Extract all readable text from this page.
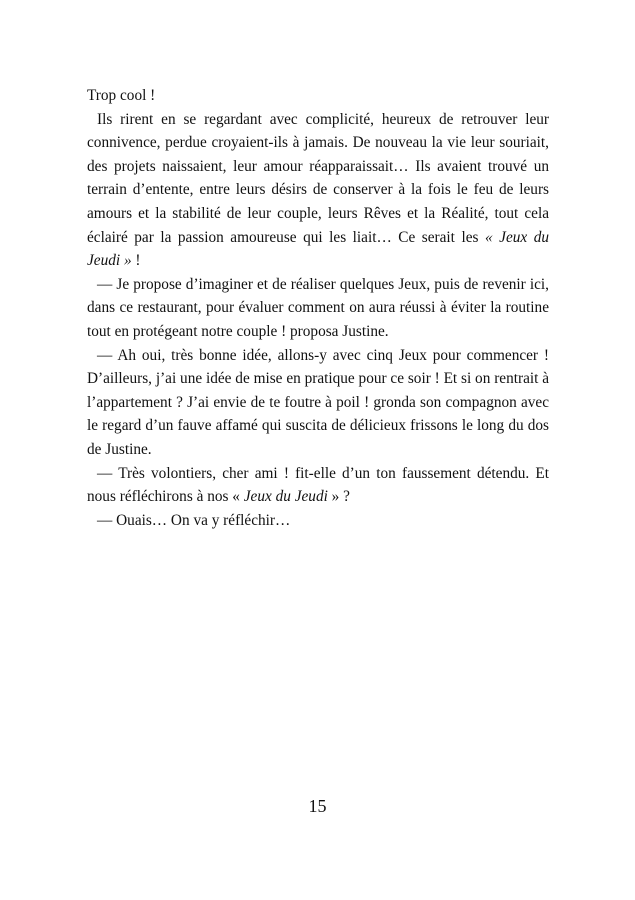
Trop cool !

Ils rirent en se regardant avec complicité, heureux de retrouver leur connivence, perdue croyaient-ils à jamais. De nouveau la vie leur souriait, des projets naissaient, leur amour réapparaissait… Ils avaient trouvé un terrain d’entente, entre leurs désirs de conserver à la fois le feu de leurs amours et la stabilité de leur couple, leurs Rêves et la Réalité, tout cela éclairé par la passion amoureuse qui les liait… Ce serait les « Jeux du Jeudi » !

— Je propose d’imaginer et de réaliser quelques Jeux, puis de revenir ici, dans ce restaurant, pour évaluer comment on aura réussi à éviter la routine tout en protégeant notre couple ! proposa Justine.

— Ah oui, très bonne idée, allons-y avec cinq Jeux pour commencer ! D’ailleurs, j’ai une idée de mise en pratique pour ce soir ! Et si on rentrait à l’appartement ? J’ai envie de te foutre à poil ! gronda son compagnon avec le regard d’un fauve affamé qui suscita de délicieux frissons le long du dos de Justine.

— Très volontiers, cher ami ! fit-elle d’un ton faussement détendu. Et nous réfléchirons à nos « Jeux du Jeudi » ?

— Ouais… On va y réfléchir…

15
